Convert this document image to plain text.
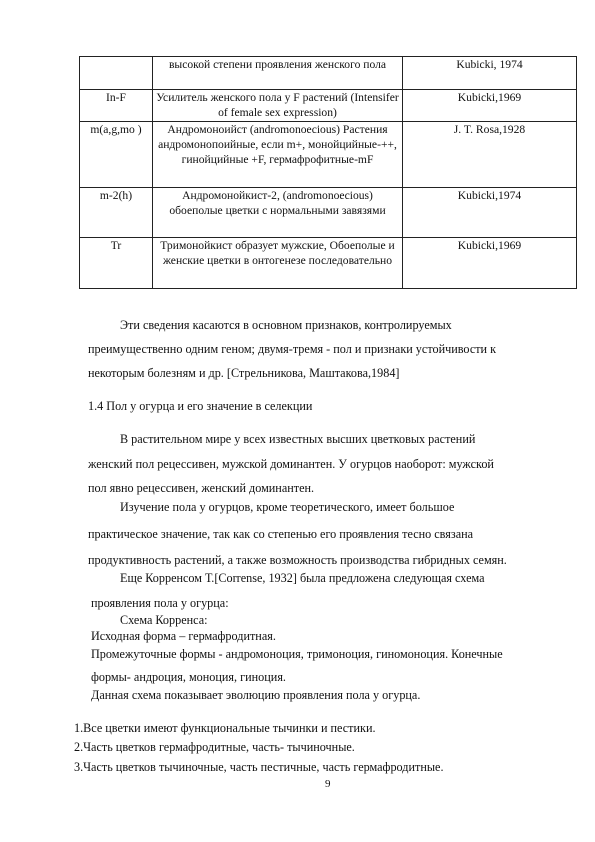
	высокой степени проявления женского пола	Kubicki, 1974
In-F	Усилитель женского пола у F растений (Intensifer of female sex expression)	Kubicki,1969
m(a,g,mo )	Андромоноийст (andromonoecious) Растения андромонопоийные, если m+, монойцийные-++, гинойцийные +F, гермафрофитные-mF	J. T. Rosa,1928
m-2(h)	Андромонойкист-2, (andromonoecious) обоеполые цветки с нормальными завязями	Kubicki,1974
Tr	Тримонойкист образует мужские, Обоеполые и женские цветки в онтогенезе последовательно	Kubicki,1969
Эти сведения касаются в основном признаков, контролируемых
преимущественно одним геном; двумя-тремя - пол и признаки устойчивости к
некоторым болезням и др. [Стрельникова, Маштакова,1984]
1.4 Пол у огурца и его значение в селекции
В растительном мире у всех известных высших цветковых растений
женский пол рецессивен, мужской доминантен. У огурцов наоборот: мужской
пол явно рецессивен, женский доминантен.
Изучение пола у огурцов, кроме теоретического, имеет большое
практическое значение, так как со степенью его проявления тесно связана
продуктивность растений, а также возможность производства гибридных семян.
Еще Корренсом Т.[Corrense, 1932] была предложена следующая схема
проявления пола у огурца:
Схема Корренса:
Исходная форма – гермафродитная.
Промежуточные формы - андромоноция, тримоноция, гиномоноция. Конечные
формы- андроция, моноция, гиноция.
Данная схема показывает эволюцию проявления пола у огурца.
1.Все цветки имеют функциональные тычинки и пестики.
2.Часть цветков гермафродитные, часть- тычиночные.
3.Часть цветков тычиночные, часть пестичные, часть гермафродитные.
9
